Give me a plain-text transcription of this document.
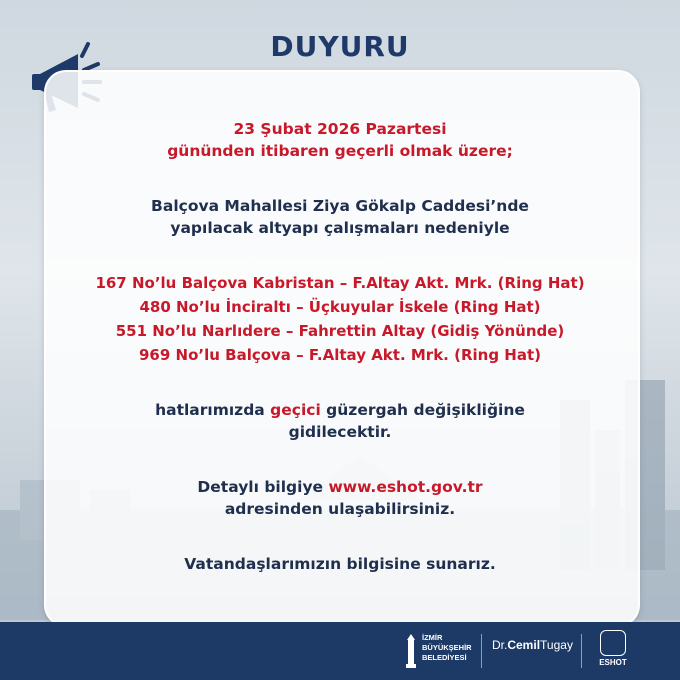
DUYURU
23 Şubat 2026 Pazartesi
gününden itibaren geçerli olmak üzere;
Balçova Mahallesi Ziya Gökalp Caddesi’nde
yapılacak altyapı çalışmaları nedeniyle
167 No’lu Balçova Kabristan – F.Altay Akt. Mrk. (Ring Hat)
480 No’lu İnciraltı – Üçkuyular İskele (Ring Hat)
551 No’lu Narlıdere – Fahrettin Altay (Gidiş Yönünde)
969 No’lu Balçova – F.Altay Akt. Mrk. (Ring Hat)
hatlarımızda geçici güzergah değişikliğine
gidilecektir.
Detaylı bilgiye www.eshot.gov.tr
adresinden ulaşabilirsiniz.
Vatandaşlarımızın bilgisine sunarız.
İZMİR
BÜYÜKŞEHİR
BELEDİYESİ
Dr.CemilTugay
ESHOT
